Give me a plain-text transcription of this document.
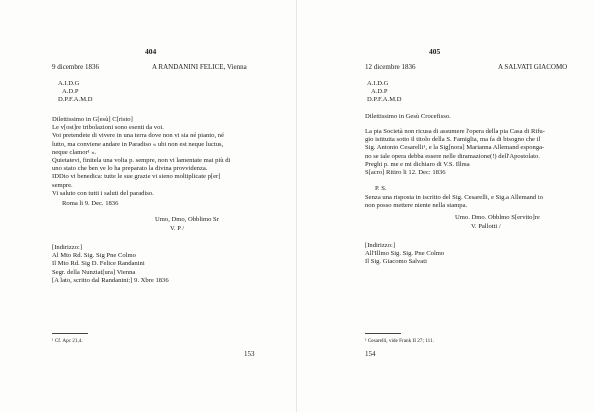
404
9 dicembre 1836	A RANDANINI FELICE, Vienna
A.I.D.G
A.D.P
D.P.F.A.M.D
Dilettissimo in G[esù] C[risto]
Le v[ost]re tribolazioni sono esenti da voi.
Voi pretendete di vivere in una terra dove non vi sia né pianto, né
lutto, ma conviene andare in Paradiso « ubi non est neque luctus,
neque clamor¹ ».
Quietatevi, finitela una volta p. sempre, non vi lamentate mai più di
uno stato che ben ve lo ha preparato la divina provvidenza.
IDDio vi benedica: tutte le sue grazie vi sieno moltiplicate p[er]
sempre.
Vi saluto con tutti i saluti del paradiso.
Roma li 9. Dec. 1836
Umo, Dmo, Obblimo Sr
V. P /
[Indirizzo:]
Al Mto Rd. Sig. Sig Pne Colmo
Il Mto Rd. Sig D. Felice Randanini
Segr. della Nunziat[ura] Vienna
[A lato, scritto dal Randanini:] 9. Xbre 1836
¹ Cf. Apc 21,4.
153
405
12 dicembre 1836	A SALVATI GIACOMO
A.I.D.G
A.D.P
D.P.F.A.M.D
Dilettissimo in Gesù Crocefisso.
La pia Società non ricusa di assumere l'opera della pia Casa di Rifu-
gio istituita sotto il titolo della S. Famiglia, ma fa di bisogno che il
Sig. Antonio Cesarelli¹, e la Sig[nora] Marianna Allemand esponga-
no se tale opera debba essere nelle diramazione(!) dell'Apostolato.
Preghi p. me e mi dichiaro di V.S. Illma
S[acro] Ritiro li 12. Dec: 1836
P. S.
Senza una risposta in iscritto del Sig. Cesarelli, e Sig.a Allemand io
non posso mettere niente nella stampa.
Umo. Dmo. Obblmo S[ervito]re
V. Pallotti /
[Indirizzo:]
All'Illmo Sig. Sig. Pne Colmo
Il Sig. Giacomo Salvati
¹ Cesarelli, vide Frank II 27; 111.
154
